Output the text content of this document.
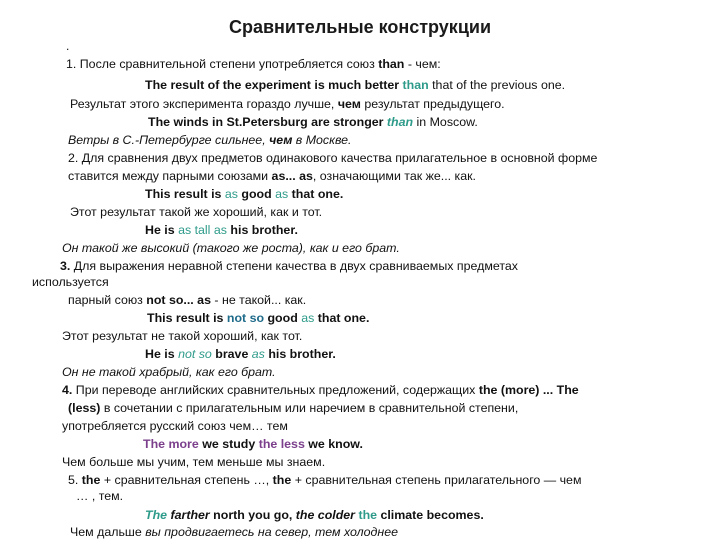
Сравнительные конструкции
.
1. После сравнительной степени употребляется союз than - чем:
The result of the experiment is much better than that of the previous one.
Результат этого эксперимента гораздо лучше, чем результат предыдущего.
The winds in St.Petersburg are stronger than in Moscow.
Ветры в С.-Петербурге сильнее, чем в Москве.
2. Для сравнения двух предметов одинакового качества прилагательное в основной форме
ставится между парными союзами as... as, означающими так же... как.
This result is as good as that one.
Этот результат такой же хороший, как и тот.
He is as tall as his brother.
Он такой же высокий (такого же роста), как и его брат.
3. Для выражения неравной степени качества в двух сравниваемых предметах
используется
парный союз not so... as - не такой... как.
This result is not so good as that one.
Этот результат не такой хороший, как тот.
He is not so brave as his brother.
Он не такой храбрый, как его брат.
4. При переводе английских сравнительных предложений, содержащих the (more) ... The
(less) в сочетании с прилагательным или наречием в сравнительной степени,
употребляется русский союз чем… тем
The more we study the less we know.
Чем больше мы учим, тем меньше мы знаем.
5. the + сравнительная степень …, the + сравнительная степень прилагательного — чем
… , тем.
The farther north you go, the colder the climate becomes.
Чем дальше вы продвигаетесь на север, тем холоднее
